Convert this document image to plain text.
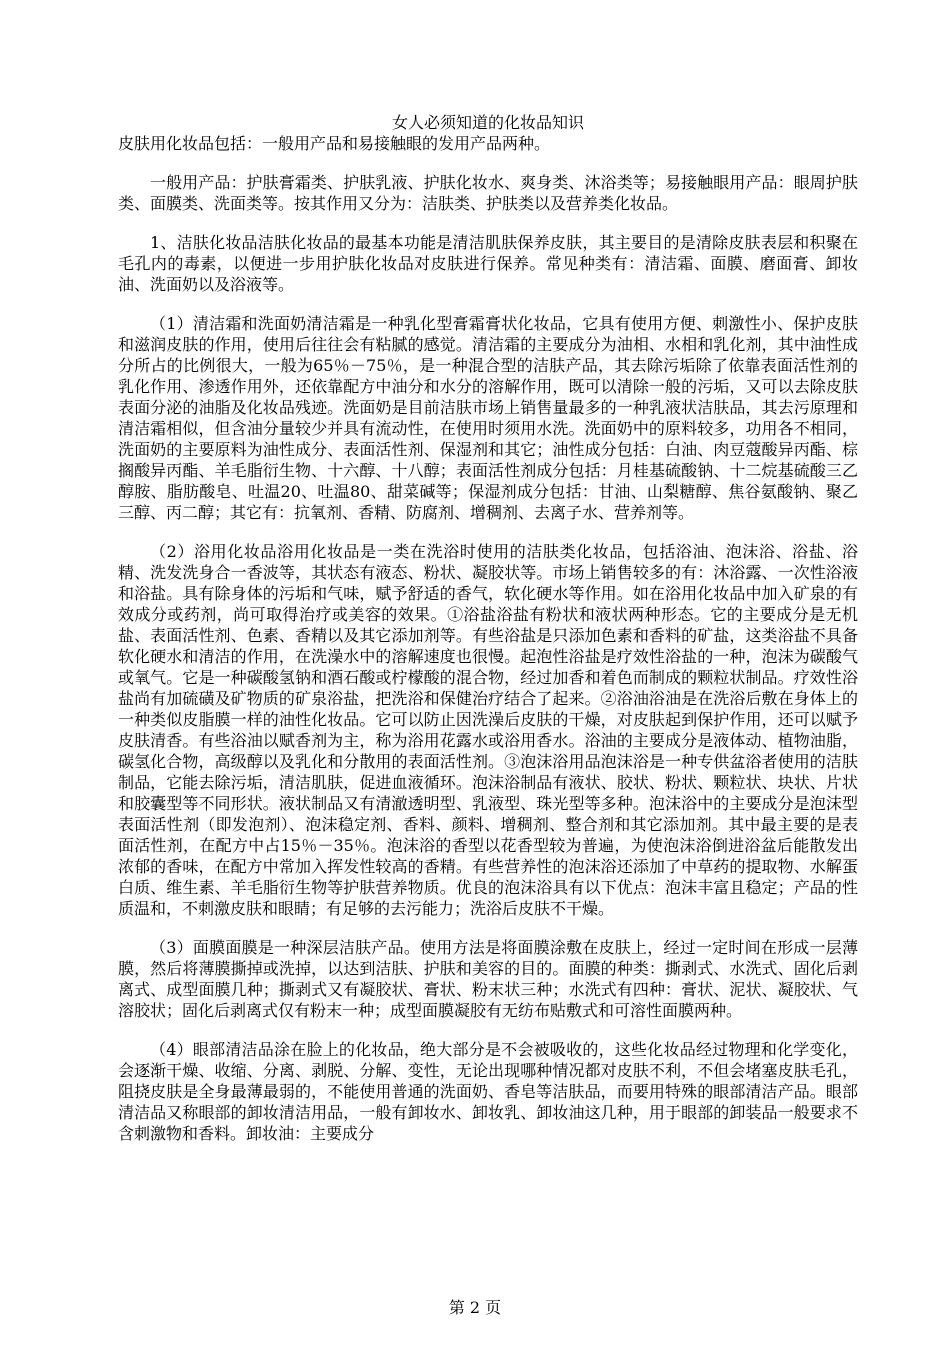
女人必须知道的化妆品知识

皮肤用化妆品包括：一般用产品和易接触眼的发用产品两种。

一般用产品：护肤膏霜类、护肤乳液、护肤化妆水、爽身类、沐浴类等；易接触眼用产品：眼周护肤类、面膜类、洗面类等。按其作用又分为：洁肤类、护肤类以及营养类化妆品。

1、洁肤化妆品洁肤化妆品的最基本功能是清洁肌肤保养皮肤，其主要目的是清除皮肤表层和积聚在毛孔内的毒素，以便进一步用护肤化妆品对皮肤进行保养。常见种类有：清洁霜、面膜、磨面膏、卸妆油、洗面奶以及浴液等。

（1）清洁霜和洗面奶清洁霜是一种乳化型膏霜膏状化妆品，它具有使用方便、刺激性小、保护皮肤和滋润皮肤的作用，使用后往往会有粘腻的感觉。清洁霜的主要成分为油相、水相和乳化剂，其中油性成分所占的比例很大，一般为65％－75％，是一种混合型的洁肤产品，其去除污垢除了依靠表面活性剂的乳化作用、渗透作用外，还依靠配方中油分和水分的溶解作用，既可以清除一般的污垢，又可以去除皮肤表面分泌的油脂及化妆品残迹。洗面奶是目前洁肤市场上销售量最多的一种乳液状洁肤品，其去污原理和清洁霜相似，但含油分量较少并具有流动性，在使用时须用水洗。洗面奶中的原料较多，功用各不相同，洗面奶的主要原料为油性成分、表面活性剂、保湿剂和其它；油性成分包括：白油、肉豆蔻酸异丙酯、棕搁酸异丙酯、羊毛脂衍生物、十六醇、十八醇；表面活性剂成分包括：月桂基硫酸钠、十二烷基硫酸三乙醇胺、脂肪酸皂、吐温20、吐温80、甜菜碱等；保湿剂成分包括：甘油、山梨糖醇、焦谷氨酸钠、聚乙三醇、丙二醇；其它有：抗氧剂、香精、防腐剂、增稠剂、去离子水、营养剂等。

（2）浴用化妆品浴用化妆品是一类在洗浴时使用的洁肤类化妆品，包括浴油、泡沫浴、浴盐、浴精、洗发洗身合一香波等，其状态有液态、粉状、凝胶状等。市场上销售较多的有：沐浴露、一次性浴液和浴盐。具有除身体的污垢和气味，赋予舒适的香气，软化硬水等作用。如在浴用化妆品中加入矿泉的有效成分或药剂，尚可取得治疗或美容的效果。①浴盐浴盐有粉状和液状两种形态。它的主要成分是无机盐、表面活性剂、色素、香精以及其它添加剂等。有些浴盐是只添加色素和香料的矿盐，这类浴盐不具备软化硬水和清洁的作用，在洗澡水中的溶解速度也很慢。起泡性浴盐是疗效性浴盐的一种，泡沫为碳酸气或氧气。它是一种碳酸氢钠和酒石酸或柠檬酸的混合物，经过加香和着色而制成的颗粒状制品。疗效性浴盐尚有加硫磺及矿物质的矿泉浴盐，把洗浴和保健治疗结合了起来。②浴油浴油是在洗浴后敷在身体上的一种类似皮脂膜一样的油性化妆品。它可以防止因洗澡后皮肤的干燥，对皮肤起到保护作用，还可以赋予皮肤清香。有些浴油以赋香剂为主，称为浴用花露水或浴用香水。浴油的主要成分是液体动、植物油脂，碳氢化合物，高级醇以及乳化和分散用的表面活性剂。③泡沫浴用品泡沫浴是一种专供盆浴者使用的洁肤制品，它能去除污垢，清洁肌肤，促进血液循环。泡沫浴制品有液状、胶状、粉状、颗粒状、块状、片状和胶囊型等不同形状。液状制品又有清澈透明型、乳液型、珠光型等多种。泡沫浴中的主要成分是泡沫型表面活性剂（即发泡剂）、泡沫稳定剂、香料、颜料、增稠剂、整合剂和其它添加剂。其中最主要的是表面活性剂，在配方中占15％－35％。泡沫浴的香型以花香型较为普遍，为使泡沫浴倒进浴盆后能散发出浓郁的香味，在配方中常加入挥发性较高的香精。有些营养性的泡沫浴还添加了中草药的提取物、水解蛋白质、维生素、羊毛脂衍生物等护肤营养物质。优良的泡沫浴具有以下优点：泡沫丰富且稳定；产品的性质温和，不刺激皮肤和眼睛；有足够的去污能力；洗浴后皮肤不干燥。

（3）面膜面膜是一种深层洁肤产品。使用方法是将面膜涂敷在皮肤上，经过一定时间在形成一层薄膜，然后将薄膜撕掉或洗掉，以达到洁肤、护肤和美容的目的。面膜的种类：撕剥式、水洗式、固化后剥离式、成型面膜几种；撕剥式又有凝胶状、膏状、粉末状三种；水洗式有四种：膏状、泥状、凝胶状、气溶胶状；固化后剥离式仅有粉末一种；成型面膜凝胶有无纺布贴敷式和可溶性面膜两种。

（4）眼部清洁品涂在脸上的化妆品，绝大部分是不会被吸收的，这些化妆品经过物理和化学变化，会逐渐干燥、收缩、分离、剥脱、分解、变性，无论出现哪种情况都对皮肤不利，不但会堵塞皮肤毛孔，阻挠皮肤是全身最薄最弱的，不能使用普通的洗面奶、香皂等洁肤品，而要用特殊的眼部清洁产品。眼部清洁品又称眼部的卸妆清洁用品，一般有卸妆水、卸妆乳、卸妆油这几种，用于眼部的卸装品一般要求不含刺激物和香料。卸妆油：主要成分

第 2 页
